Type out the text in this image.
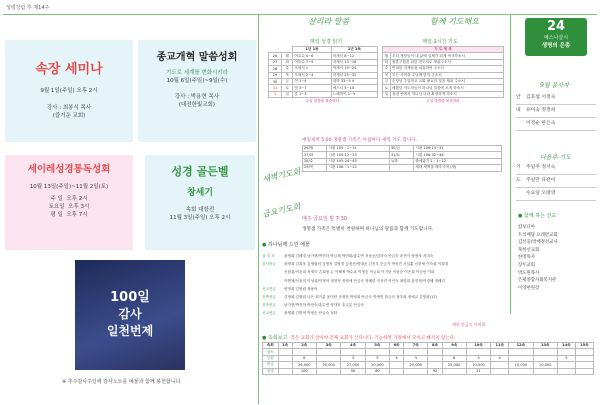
성령강림 후 제14주
속장 세미나
9월 1일(주일) 오후 2시
강사 : 최봉식 목사
(즐거운 교회)
종교개혁 말씀성회
기도로 세계를 변화시키라
10월 6일(주일)~9일(수)
강사 : 박용현 목사
(대전한빛교회)
세이레성경통독성회
10월 13일(주일)~11월 2일(토)
주 일 오후 2시
토요일 오후 3시
평 일 오후 7시
성경 골든벨
창세기
속회 대항전
11월 3일(주일) 오후 2시
100일
감사
일천번제
※ 추수감사주일에 감사노트를 예물과 함께 봉헌합니다
살리라 말씀	함께 기도해요
매일 성경 읽기
		1년 1독	1년 2독
26	월	여호수 4~6	학개서 8~12
27	화	여호수 7~9	학개서 13~18
28	수	모세서 1	학개서 19~24
29	목	모세서 2~4	학개서 25~32
30	금	여 1~4	대학 33~5 4
31	토	엘 5~7	에스서 5~10
1	일	룻 1~3	느헤미야 1~5
주일 말씀을 복습하다.			
매일 1시간 기도
기 도 제 목	
월	우리 정장들이 내 삶에 실제가 되게 역사하소서
화	영혼구원을 위한 전도자로 세워주소서
수	반대한 지계들을 치유하여 주소서
목	모든 사역을 주님께 맡겨 주소서
금	순장님 주일학교 교회 필요한 것을 채워 주소서
토	배웠던 지도자들이 하나님 말씀에 오게 하소서
일	성령 안에서 하나님 나라 확장하게 하소서
주일 말씀을 묵상하라	
새벽기도회
매일새벽 5:00 생명샘 가족은 아침마다 새벽 기도 합니다.
26/월	시편 105 : 1~11	30/금	시편 106:13~31
27/화	시편 105:12~23	31/토	시편 106:32~48
28/수	시편 105:24~45	1/화	출애굽기 1 : 1~12
29/목	시편 106 : 1~12		세대 새벽을 깨우시며 (새)
금요기도회
매주 금요일 밤 7:30
생명샘 가족은 특별히 찬양하며 하나님의 말씀과 함께 기도합니다.
● 하나님께 드린 예물
십 일 조	광명희 김혜경 남가현/박전하 박금례 박민희/홍수연 서동준/김하숙 안금숙 윤현식 양정자 지미숙
감사헌금 광명희 김희웅 김명림의 김명직 김영경 김정은/양대운 김진우 문금자 박성진 서일훈 신하영 이숙희 이희경
신원섭/이윤희 정재숙 손희정 손 이혜정 박수호 이영승 이금희 이기남 이삼순 이은희 이승헌 이화
이엔제/이윤미 이성희/이정아 정현정 정영애 안금숙 정혜련 이상진 이인숙 최명희 홍진혁/이경혜 정혜리
선교헌금 양영희 김영림 정용아
건축헌금 김영희 김형희 나은 최기분 윤미란 송재현 박정희 안금숙 박정민 한금숙 정우희 정애교 김명희(17)
건축헌금 남가현/박전하 박현숙/홍수연 양대운 홍금분 안금숙
선교헌금 광명희 김명혁 박정순 안금숙 정화
예헌 안금숙 이의하
● 속회보고 작은 교회가 살아야 전체 교회가 산다니다. 기능하면 가정에서 모이고 빠지지 않는다.
속회	1속	2속	3속	4속	5속	6속	7속	8속	9속	10속	11속	12속	13속	14속	15속
장소															
인원		6		3	5	4	3		8	3	4			5	
헌금		26,000	20,000	27,000	20,000		20,000		25,000	10,000		10,000	10,000		
성경		100		50	60			92		21					
24
예스나살시
생명의 은총
9월 봉사자
안 김호섭 서정숙
내 유미숙 정정희
이정순 한은숙
다음주 기도
기 주일주 정서숙
도 주일만 다같이
수요일 오태영
● 함께 하는 선교
캄보디아
트리배당 프레반교회
김선웅/박배정선교사
북한선교회
한영목사
장두교회
박도원목사
은평종합사회복지관
이영현원장
